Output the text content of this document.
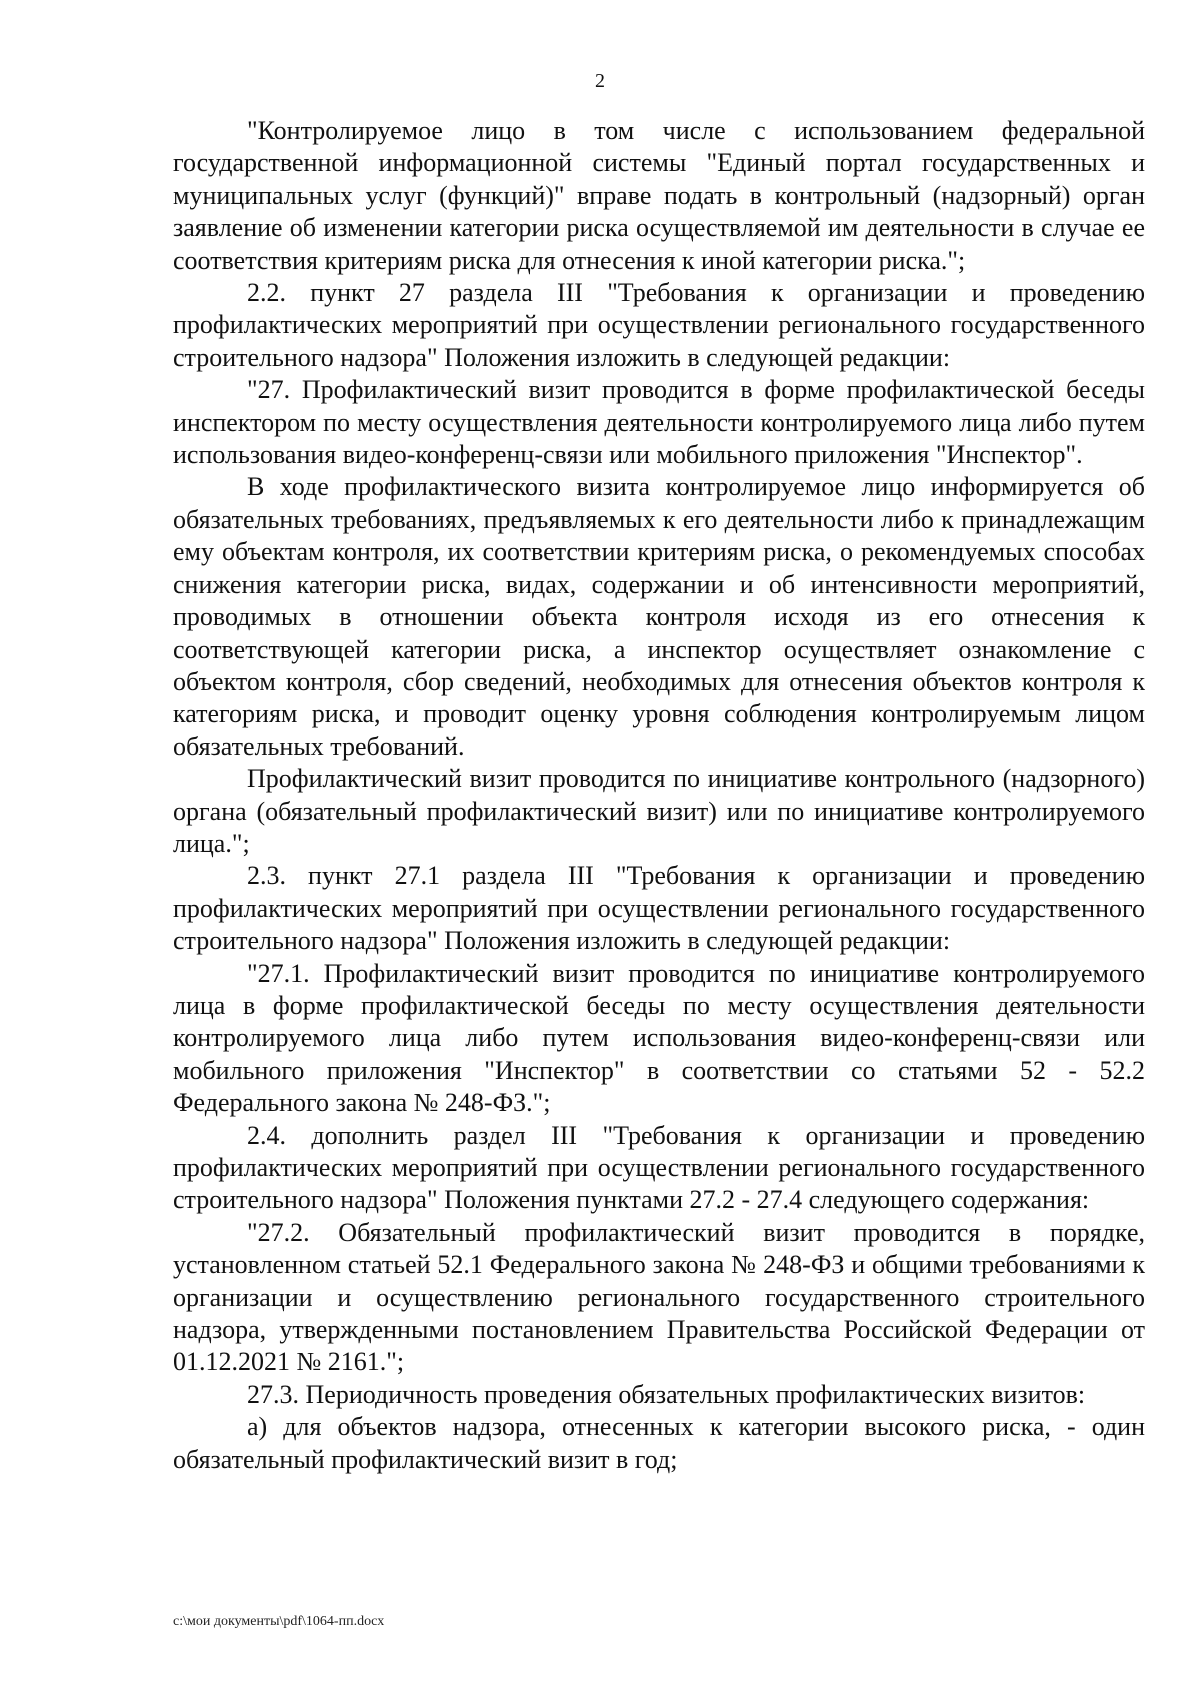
2

"Контролируемое лицо в том числе с использованием федеральной государственной информационной системы "Единый портал государственных и муниципальных услуг (функций)" вправе подать в контрольный (надзорный) орган заявление об изменении категории риска осуществляемой им деятельности в случае ее соответствия критериям риска для отнесения к иной категории риска.";

2.2. пункт 27 раздела III "Требования к организации и проведению профилактических мероприятий при осуществлении регионального государственного строительного надзора" Положения изложить в следующей редакции:

"27. Профилактический визит проводится в форме профилактической беседы инспектором по месту осуществления деятельности контролируемого лица либо путем использования видео-конференц-связи или мобильного приложения "Инспектор".

В ходе профилактического визита контролируемое лицо информируется об обязательных требованиях, предъявляемых к его деятельности либо к принадлежащим ему объектам контроля, их соответствии критериям риска, о рекомендуемых способах снижения категории риска, видах, содержании и об интенсивности мероприятий, проводимых в отношении объекта контроля исходя из его отнесения к соответствующей категории риска, а инспектор осуществляет ознакомление с объектом контроля, сбор сведений, необходимых для отнесения объектов контроля к категориям риска, и проводит оценку уровня соблюдения контролируемым лицом обязательных требований.

Профилактический визит проводится по инициативе контрольного (надзорного) органа (обязательный профилактический визит) или по инициативе контролируемого лица.";

2.3. пункт 27.1 раздела III "Требования к организации и проведению профилактических мероприятий при осуществлении регионального государственного строительного надзора" Положения изложить в следующей редакции:

"27.1. Профилактический визит проводится по инициативе контролируемого лица в форме профилактической беседы по месту осуществления деятельности контролируемого лица либо путем использования видео-конференц-связи или мобильного приложения "Инспектор" в соответствии со статьями 52 - 52.2 Федерального закона № 248-ФЗ.";

2.4. дополнить раздел III "Требования к организации и проведению профилактических мероприятий при осуществлении регионального государственного строительного надзора" Положения пунктами 27.2 - 27.4 следующего содержания:

"27.2. Обязательный профилактический визит проводится в порядке, установленном статьей 52.1 Федерального закона № 248-ФЗ и общими требованиями к организации и осуществлению регионального государственного строительного надзора, утвержденными постановлением Правительства Российской Федерации от 01.12.2021 № 2161.";

27.3. Периодичность проведения обязательных профилактических визитов:

а) для объектов надзора, отнесенных к категории высокого риска, - один обязательный профилактический визит в год;

c:\мои документы\pdf\1064-пп.docx
